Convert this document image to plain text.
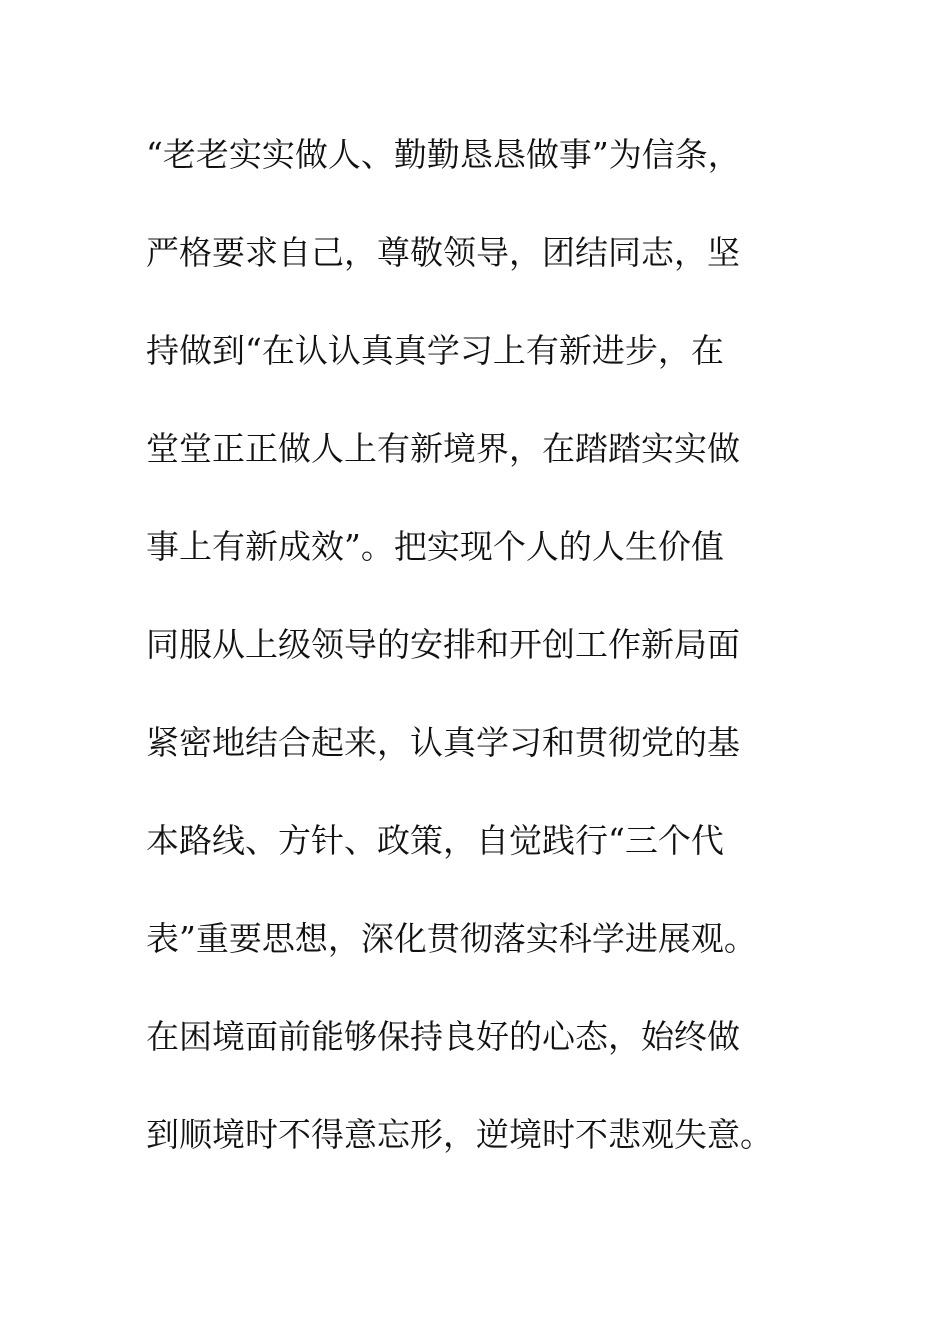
“老老实实做人、勤勤恳恳做事”为信条，
严格要求自己，尊敬领导，团结同志，坚
持做到“在认认真真学习上有新进步，在
堂堂正正做人上有新境界，在踏踏实实做
事上有新成效”。把实现个人的人生价值
同服从上级领导的安排和开创工作新局面
紧密地结合起来，认真学习和贯彻党的基
本路线、方针、政策，自觉践行“三个代
表”重要思想，深化贯彻落实科学进展观。
在困境面前能够保持良好的心态，始终做
到顺境时不得意忘形，逆境时不悲观失意。
